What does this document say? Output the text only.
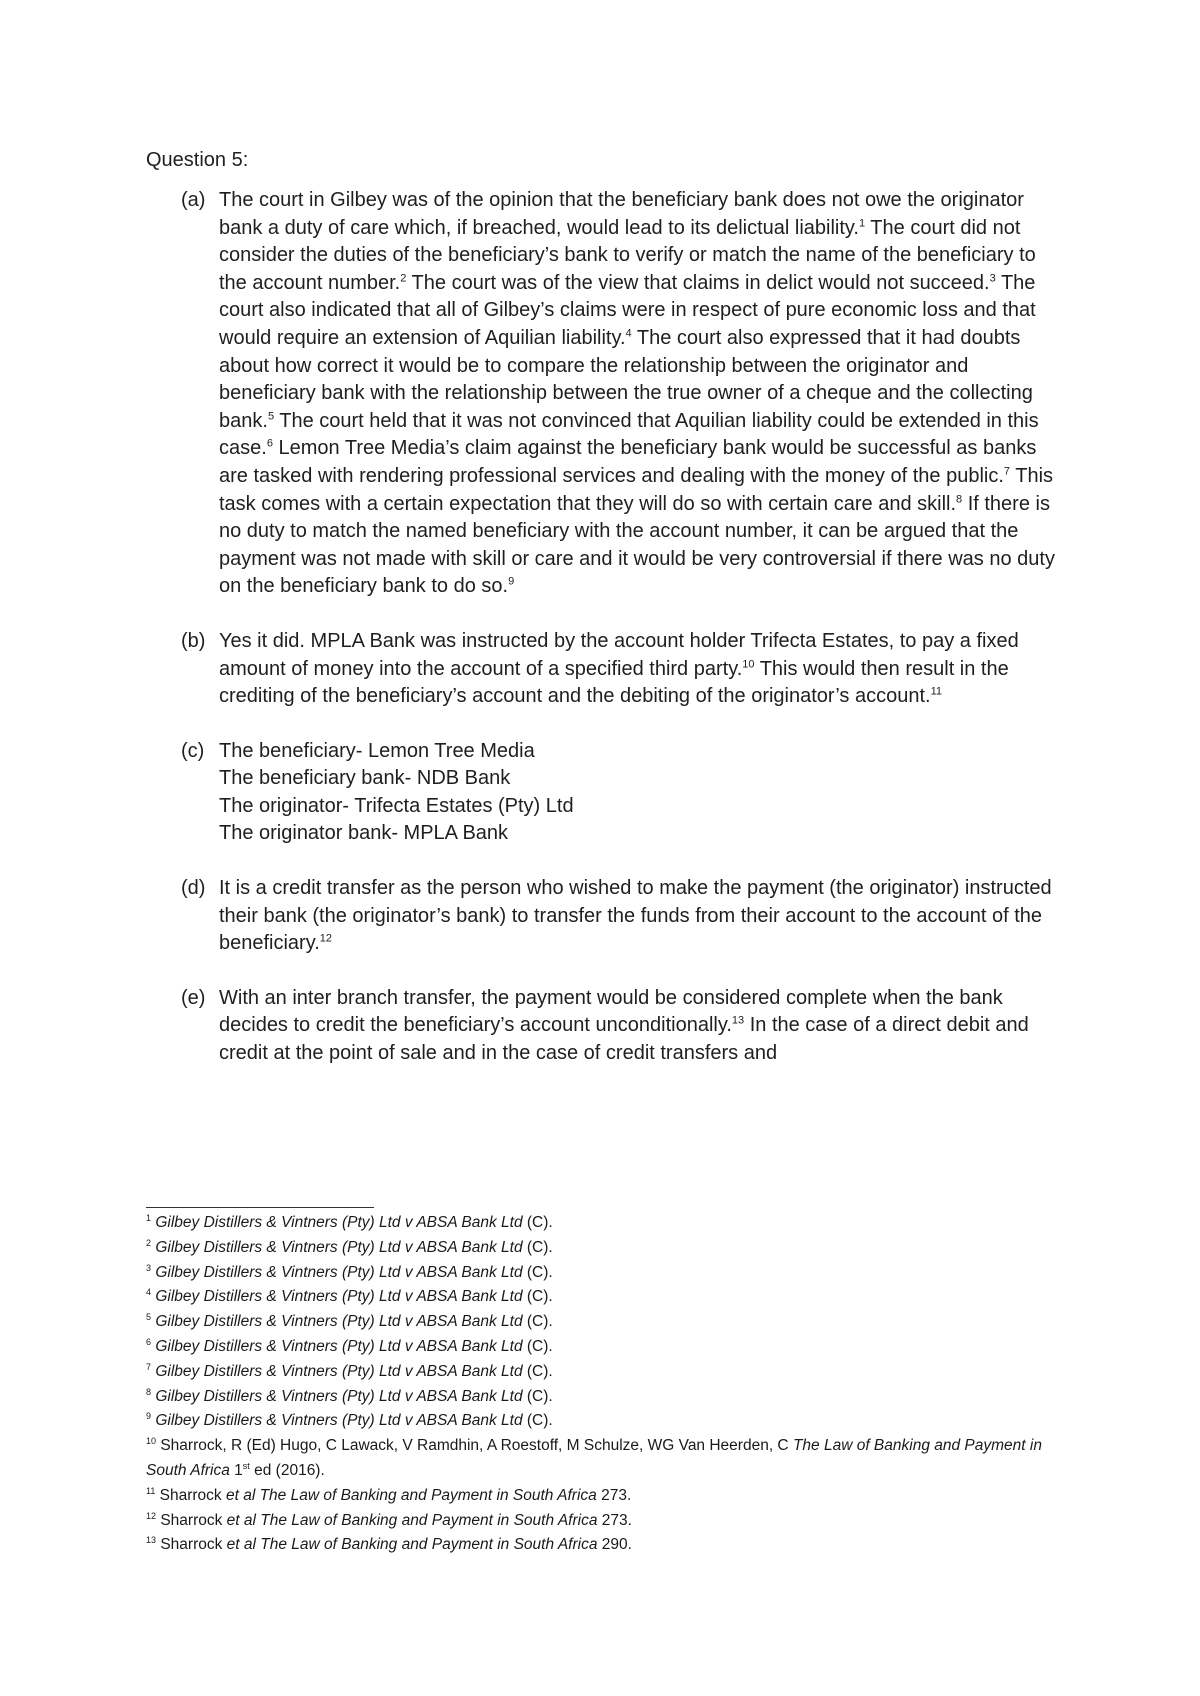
Question 5:
(a) The court in Gilbey was of the opinion that the beneficiary bank does not owe the originator bank a duty of care which, if breached, would lead to its delictual liability.$^1$ The court did not consider the duties of the beneficiary’s bank to verify or match the name of the beneficiary to the account number.$^2$ The court was of the view that claims in delict would not succeed.$^3$ The court also indicated that all of Gilbey’s claims were in respect of pure economic loss and that would require an extension of Aquilian liability.$^4$ The court also expressed that it had doubts about how correct it would be to compare the relationship between the originator and beneficiary bank with the relationship between the true owner of a cheque and the collecting bank.$^5$ The court held that it was not convinced that Aquilian liability could be extended in this case.$^6$ Lemon Tree Media’s claim against the beneficiary bank would be successful as banks are tasked with rendering professional services and dealing with the money of the public.$^7$ This task comes with a certain expectation that they will do so with certain care and skill.$^8$ If there is no duty to match the named beneficiary with the account number, it can be argued that the payment was not made with skill or care and it would be very controversial if there was no duty on the beneficiary bank to do so.$^9$
(b) Yes it did. MPLA Bank was instructed by the account holder Trifecta Estates, to pay a fixed amount of money into the account of a specified third party.$^{10}$ This would then result in the crediting of the beneficiary’s account and the debiting of the originator’s account.$^{11}$
(c) The beneficiary- Lemon Tree Media
The beneficiary bank- NDB Bank
The originator- Trifecta Estates (Pty) Ltd
The originator bank- MPLA Bank
(d) It is a credit transfer as the person who wished to make the payment (the originator) instructed their bank (the originator’s bank) to transfer the funds from their account to the account of the beneficiary.$^{12}$
(e) With an inter branch transfer, the payment would be considered complete when the bank decides to credit the beneficiary’s account unconditionally.$^{13}$ In the case of a direct debit and credit at the point of sale and in the case of credit transfers and
$^1$ Gilbey Distillers & Vintners (Pty) Ltd v ABSA Bank Ltd (C).
$^2$ Gilbey Distillers & Vintners (Pty) Ltd v ABSA Bank Ltd (C).
$^3$ Gilbey Distillers & Vintners (Pty) Ltd v ABSA Bank Ltd (C).
$^4$ Gilbey Distillers & Vintners (Pty) Ltd v ABSA Bank Ltd (C).
$^5$ Gilbey Distillers & Vintners (Pty) Ltd v ABSA Bank Ltd (C).
$^6$ Gilbey Distillers & Vintners (Pty) Ltd v ABSA Bank Ltd (C).
$^7$ Gilbey Distillers & Vintners (Pty) Ltd v ABSA Bank Ltd (C).
$^8$ Gilbey Distillers & Vintners (Pty) Ltd v ABSA Bank Ltd (C).
$^9$ Gilbey Distillers & Vintners (Pty) Ltd v ABSA Bank Ltd (C).
$^{10}$ Sharrock, R (Ed) Hugo, C Lawack, V Ramdhin, A Roestoff, M Schulze, WG Van Heerden, C The Law of Banking and Payment in South Africa 1st ed (2016).
$^{11}$ Sharrock et al The Law of Banking and Payment in South Africa 273.
$^{12}$ Sharrock et al The Law of Banking and Payment in South Africa 273.
$^{13}$ Sharrock et al The Law of Banking and Payment in South Africa 290.
